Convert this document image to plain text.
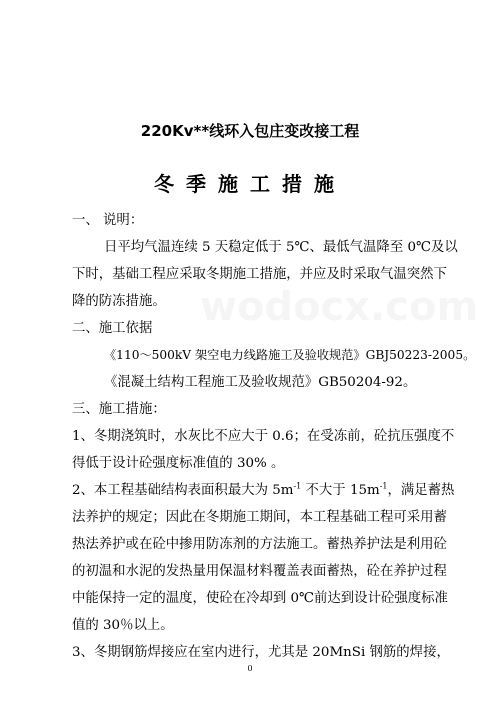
220Kv**线环入包庄变改接工程
冬季施工措施
一、 说明：
日平均气温连续 5 天稳定低于 5℃、最低气温降至 0℃及以
下时，基础工程应采取冬期施工措施，并应及时采取气温突然下
降的防冻措施。
二、施工依据
《110～500kV 架空电力线路施工及验收规范》GBJ50223-2005。
《混凝土结构工程施工及验收规范》GB50204-92。
三、施工措施：
1、冬期浇筑时，水灰比不应大于 0.6；在受冻前，砼抗压强度不
得低于设计砼强度标准值的 30% 。
2、本工程基础结构表面积最大为 $5m^{-1}$ 不大于 $15m^{-1}$，满足蓄热
法养护的规定；因此在冬期施工期间，本工程基础工程可采用蓄
热法养护或在砼中掺用防冻剂的方法施工。蓄热养护法是利用砼
的初温和水泥的发热量用保温材料覆盖表面蓄热，砼在养护过程
中能保持一定的温度，使砼在冷却到 0℃前达到设计砼强度标准
值的 30％以上。
3、冬期钢筋焊接应在室内进行，尤其是 20MnSi 钢筋的焊接，
0
